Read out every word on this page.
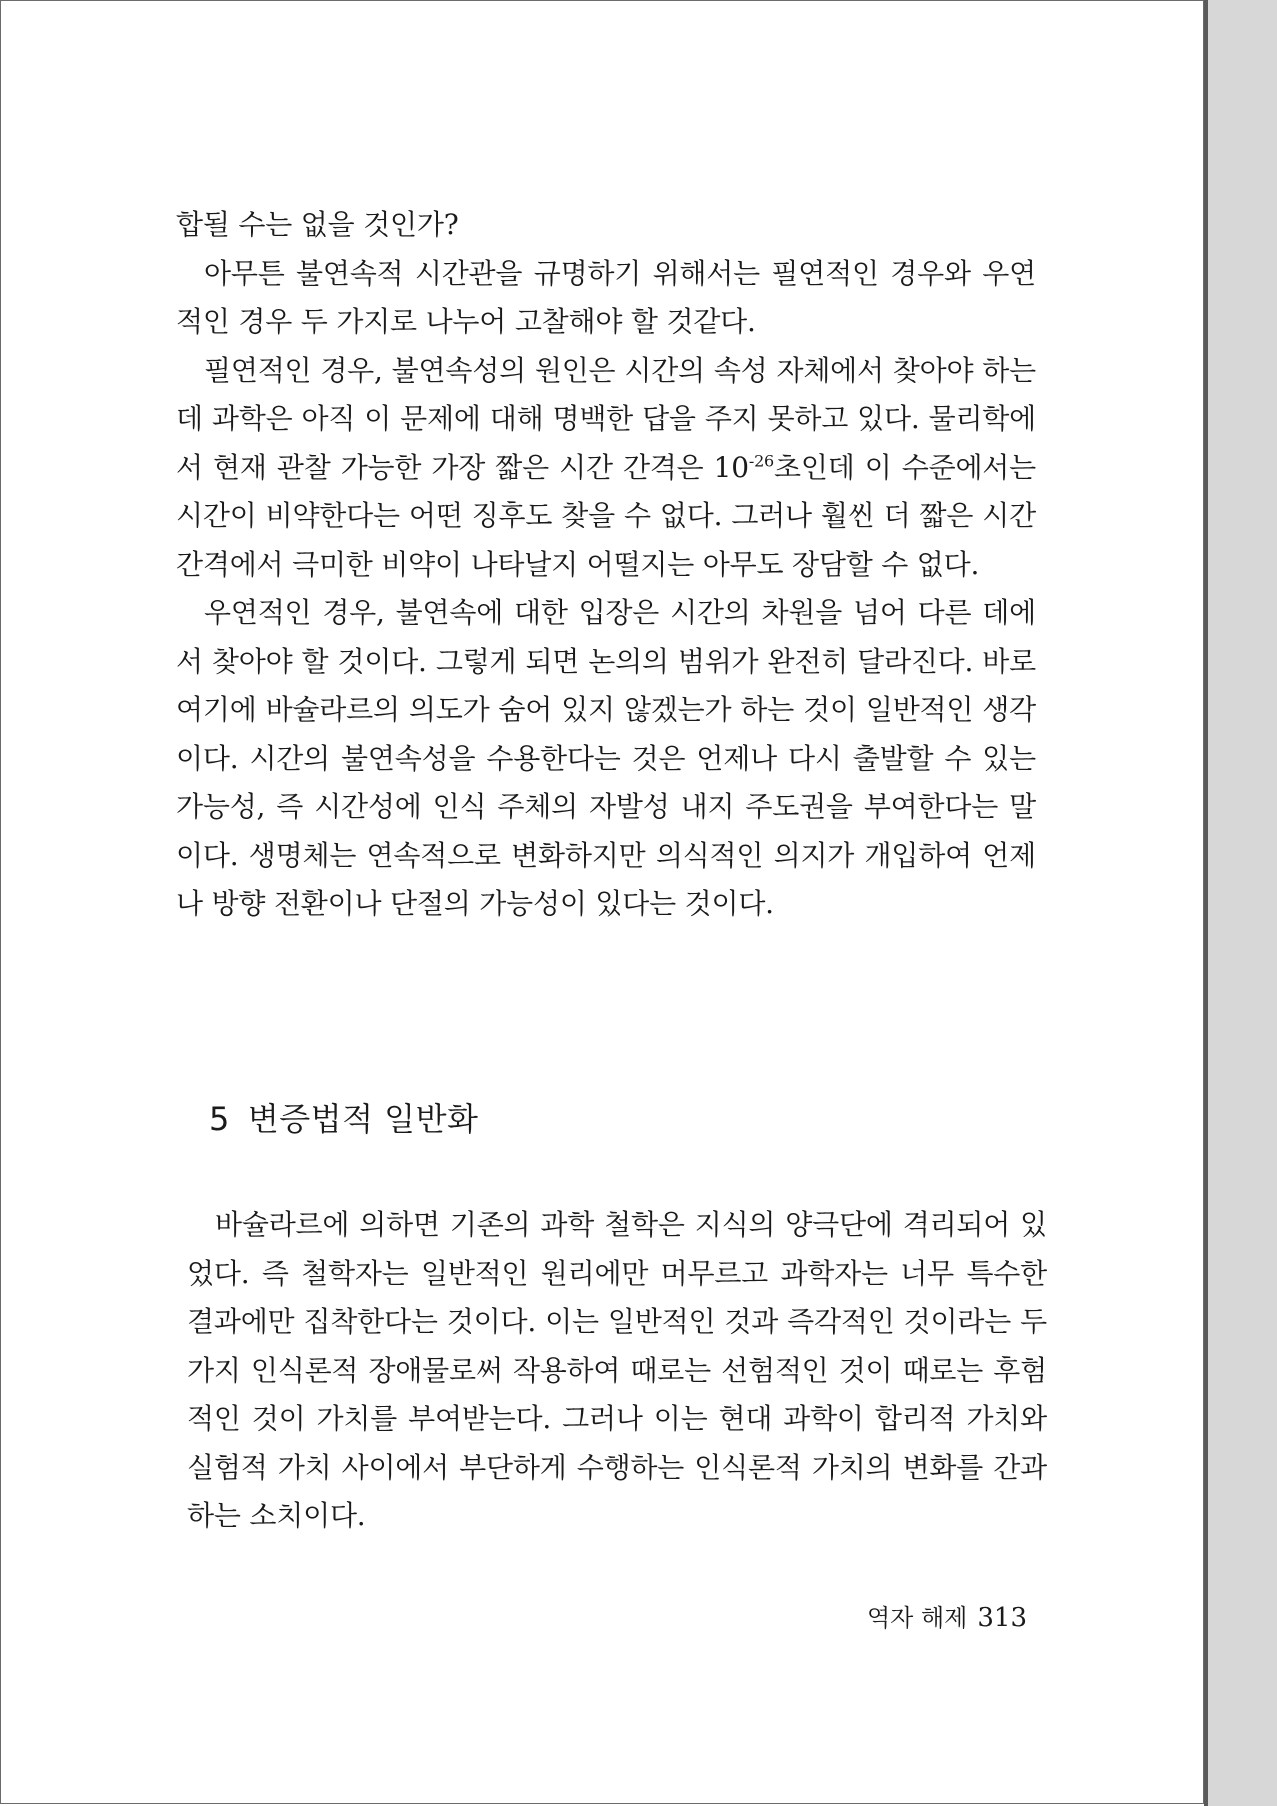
합될 수는 없을 것인가?

아무튼 불연속적 시간관을 규명하기 위해서는 필연적인 경우와 우연적인 경우 두 가지로 나누어 고찰해야 할 것같다.

필연적인 경우, 불연속성의 원인은 시간의 속성 자체에서 찾아야 하는데 과학은 아직 이 문제에 대해 명백한 답을 주지 못하고 있다. 물리학에서 현재 관찰 가능한 가장 짧은 시간 간격은 $10^{-26}$초인데 이 수준에서는 시간이 비약한다는 어떤 징후도 찾을 수 없다. 그러나 훨씬 더 짧은 시간 간격에서 극미한 비약이 나타날지 어떨지는 아무도 장담할 수 없다.

우연적인 경우, 불연속에 대한 입장은 시간의 차원을 넘어 다른 데에서 찾아야 할 것이다. 그렇게 되면 논의의 범위가 완전히 달라진다. 바로 여기에 바슐라르의 의도가 숨어 있지 않겠는가 하는 것이 일반적인 생각이다. 시간의 불연속성을 수용한다는 것은 언제나 다시 출발할 수 있는 가능성, 즉 시간성에 인식 주체의 자발성 내지 주도권을 부여한다는 말이다. 생명체는 연속적으로 변화하지만 의식적인 의지가 개입하여 언제나 방향 전환이나 단절의 가능성이 있다는 것이다.

5 변증법적 일반화

바슐라르에 의하면 기존의 과학 철학은 지식의 양극단에 격리되어 있었다. 즉 철학자는 일반적인 원리에만 머무르고 과학자는 너무 특수한 결과에만 집착한다는 것이다. 이는 일반적인 것과 즉각적인 것이라는 두 가지 인식론적 장애물로써 작용하여 때로는 선험적인 것이 때로는 후험적인 것이 가치를 부여받는다. 그러나 이는 현대 과학이 합리적 가치와 실험적 가치 사이에서 부단하게 수행하는 인식론적 가치의 변화를 간과하는 소치이다.

역자 해제 313
